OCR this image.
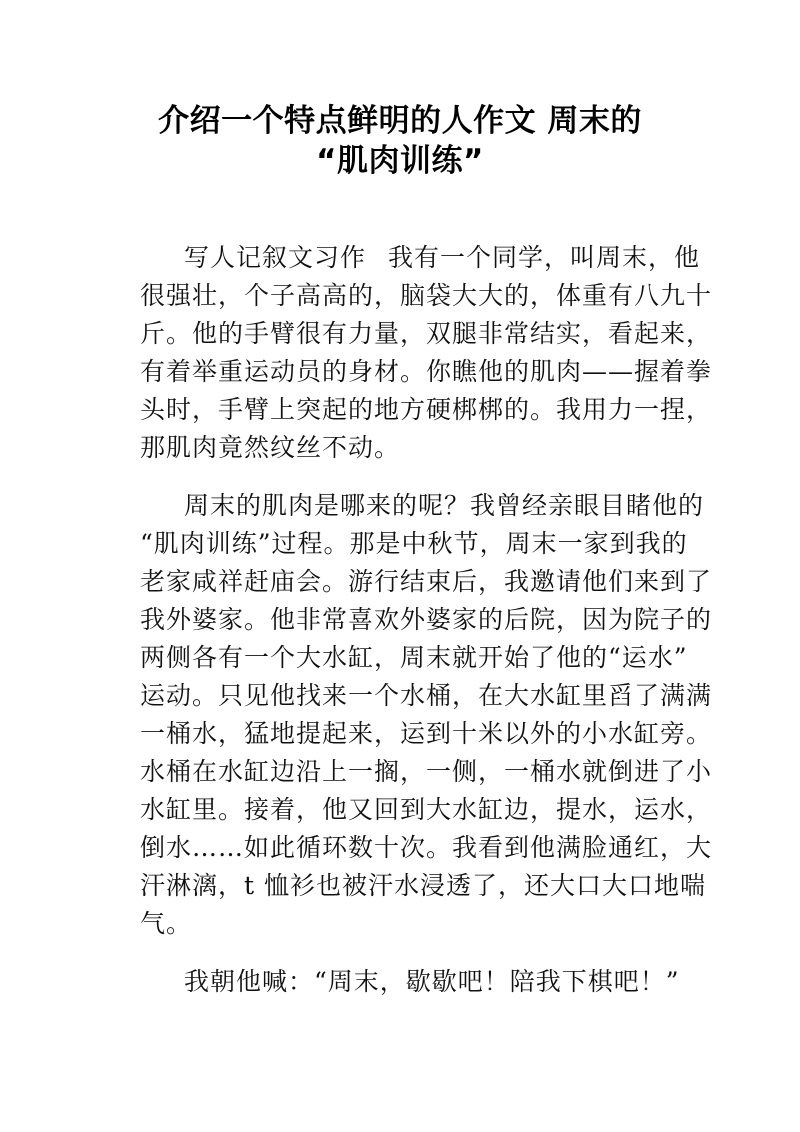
介绍一个特点鲜明的人作文 周末的
“肌肉训练”
写人记叙文习作 我有一个同学，叫周末，他
很强壮，个子高高的，脑袋大大的，体重有八九十
斤。他的手臂很有力量，双腿非常结实，看起来，
有着举重运动员的身材。你瞧他的肌肉——握着拳
头时，手臂上突起的地方硬梆梆的。我用力一捏，
那肌肉竟然纹丝不动。
周末的肌肉是哪来的呢？我曾经亲眼目睹他的
“肌肉训练”过程。那是中秋节，周末一家到我的
老家咸祥赶庙会。游行结束后，我邀请他们来到了
我外婆家。他非常喜欢外婆家的后院，因为院子的
两侧各有一个大水缸，周末就开始了他的“运水”
运动。只见他找来一个水桶，在大水缸里舀了满满
一桶水，猛地提起来，运到十米以外的小水缸旁。
水桶在水缸边沿上一搁，一侧，一桶水就倒进了小
水缸里。接着，他又回到大水缸边，提水，运水，
倒水……如此循环数十次。我看到他满脸通红，大
汗淋漓，t 恤衫也被汗水浸透了，还大口大口地喘
气。
我朝他喊：“周末，歇歇吧！陪我下棋吧！”
